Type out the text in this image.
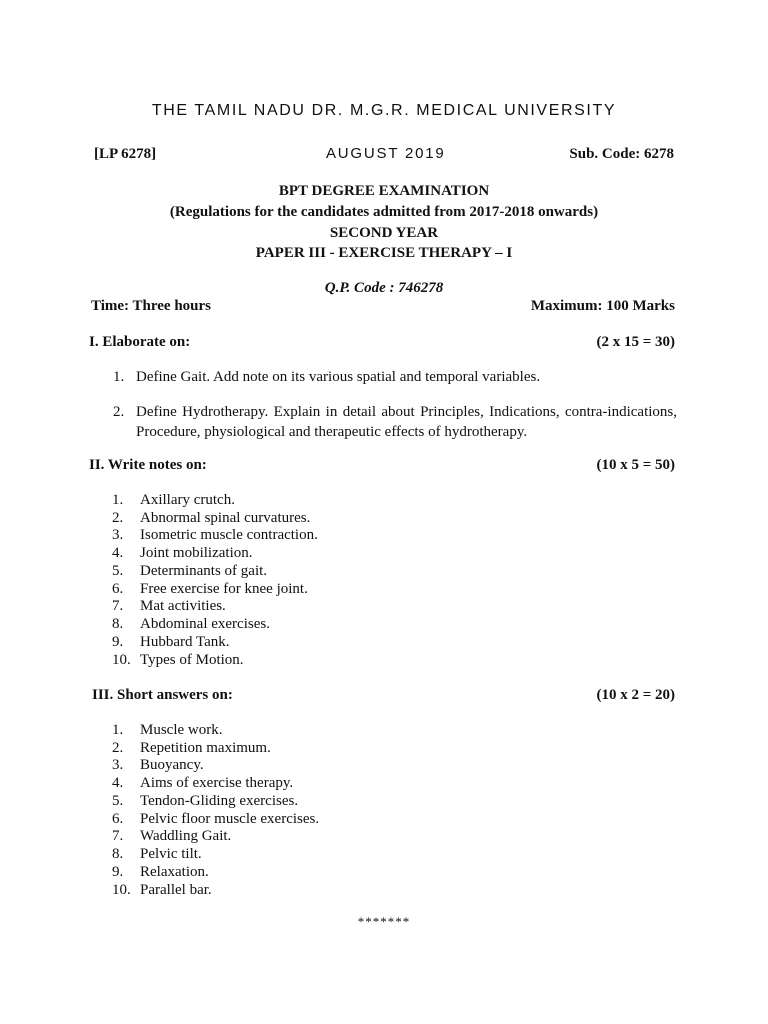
THE TAMIL NADU DR. M.G.R. MEDICAL UNIVERSITY
[LP 6278]	AUGUST 2019	Sub. Code: 6278
BPT DEGREE EXAMINATION
(Regulations for the candidates admitted from 2017-2018 onwards)
SECOND YEAR
PAPER III - EXERCISE THERAPY – I
Q.P. Code : 746278
Time: Three hours	Maximum: 100 Marks
I. Elaborate on:	(2 x 15 = 30)
1. Define Gait. Add note on its various spatial and temporal variables.
2. Define Hydrotherapy. Explain in detail about Principles, Indications, contra-indications, Procedure, physiological and therapeutic effects of hydrotherapy.
II. Write notes on:	(10 x 5 = 50)
1. Axillary crutch.
2. Abnormal spinal curvatures.
3. Isometric muscle contraction.
4. Joint mobilization.
5. Determinants of gait.
6. Free exercise for knee joint.
7. Mat activities.
8. Abdominal exercises.
9. Hubbard Tank.
10. Types of Motion.
III. Short answers on:	(10 x 2 = 20)
1. Muscle work.
2. Repetition maximum.
3. Buoyancy.
4. Aims of exercise therapy.
5. Tendon-Gliding exercises.
6. Pelvic floor muscle exercises.
7. Waddling Gait.
8. Pelvic tilt.
9. Relaxation.
10. Parallel bar.
*******
